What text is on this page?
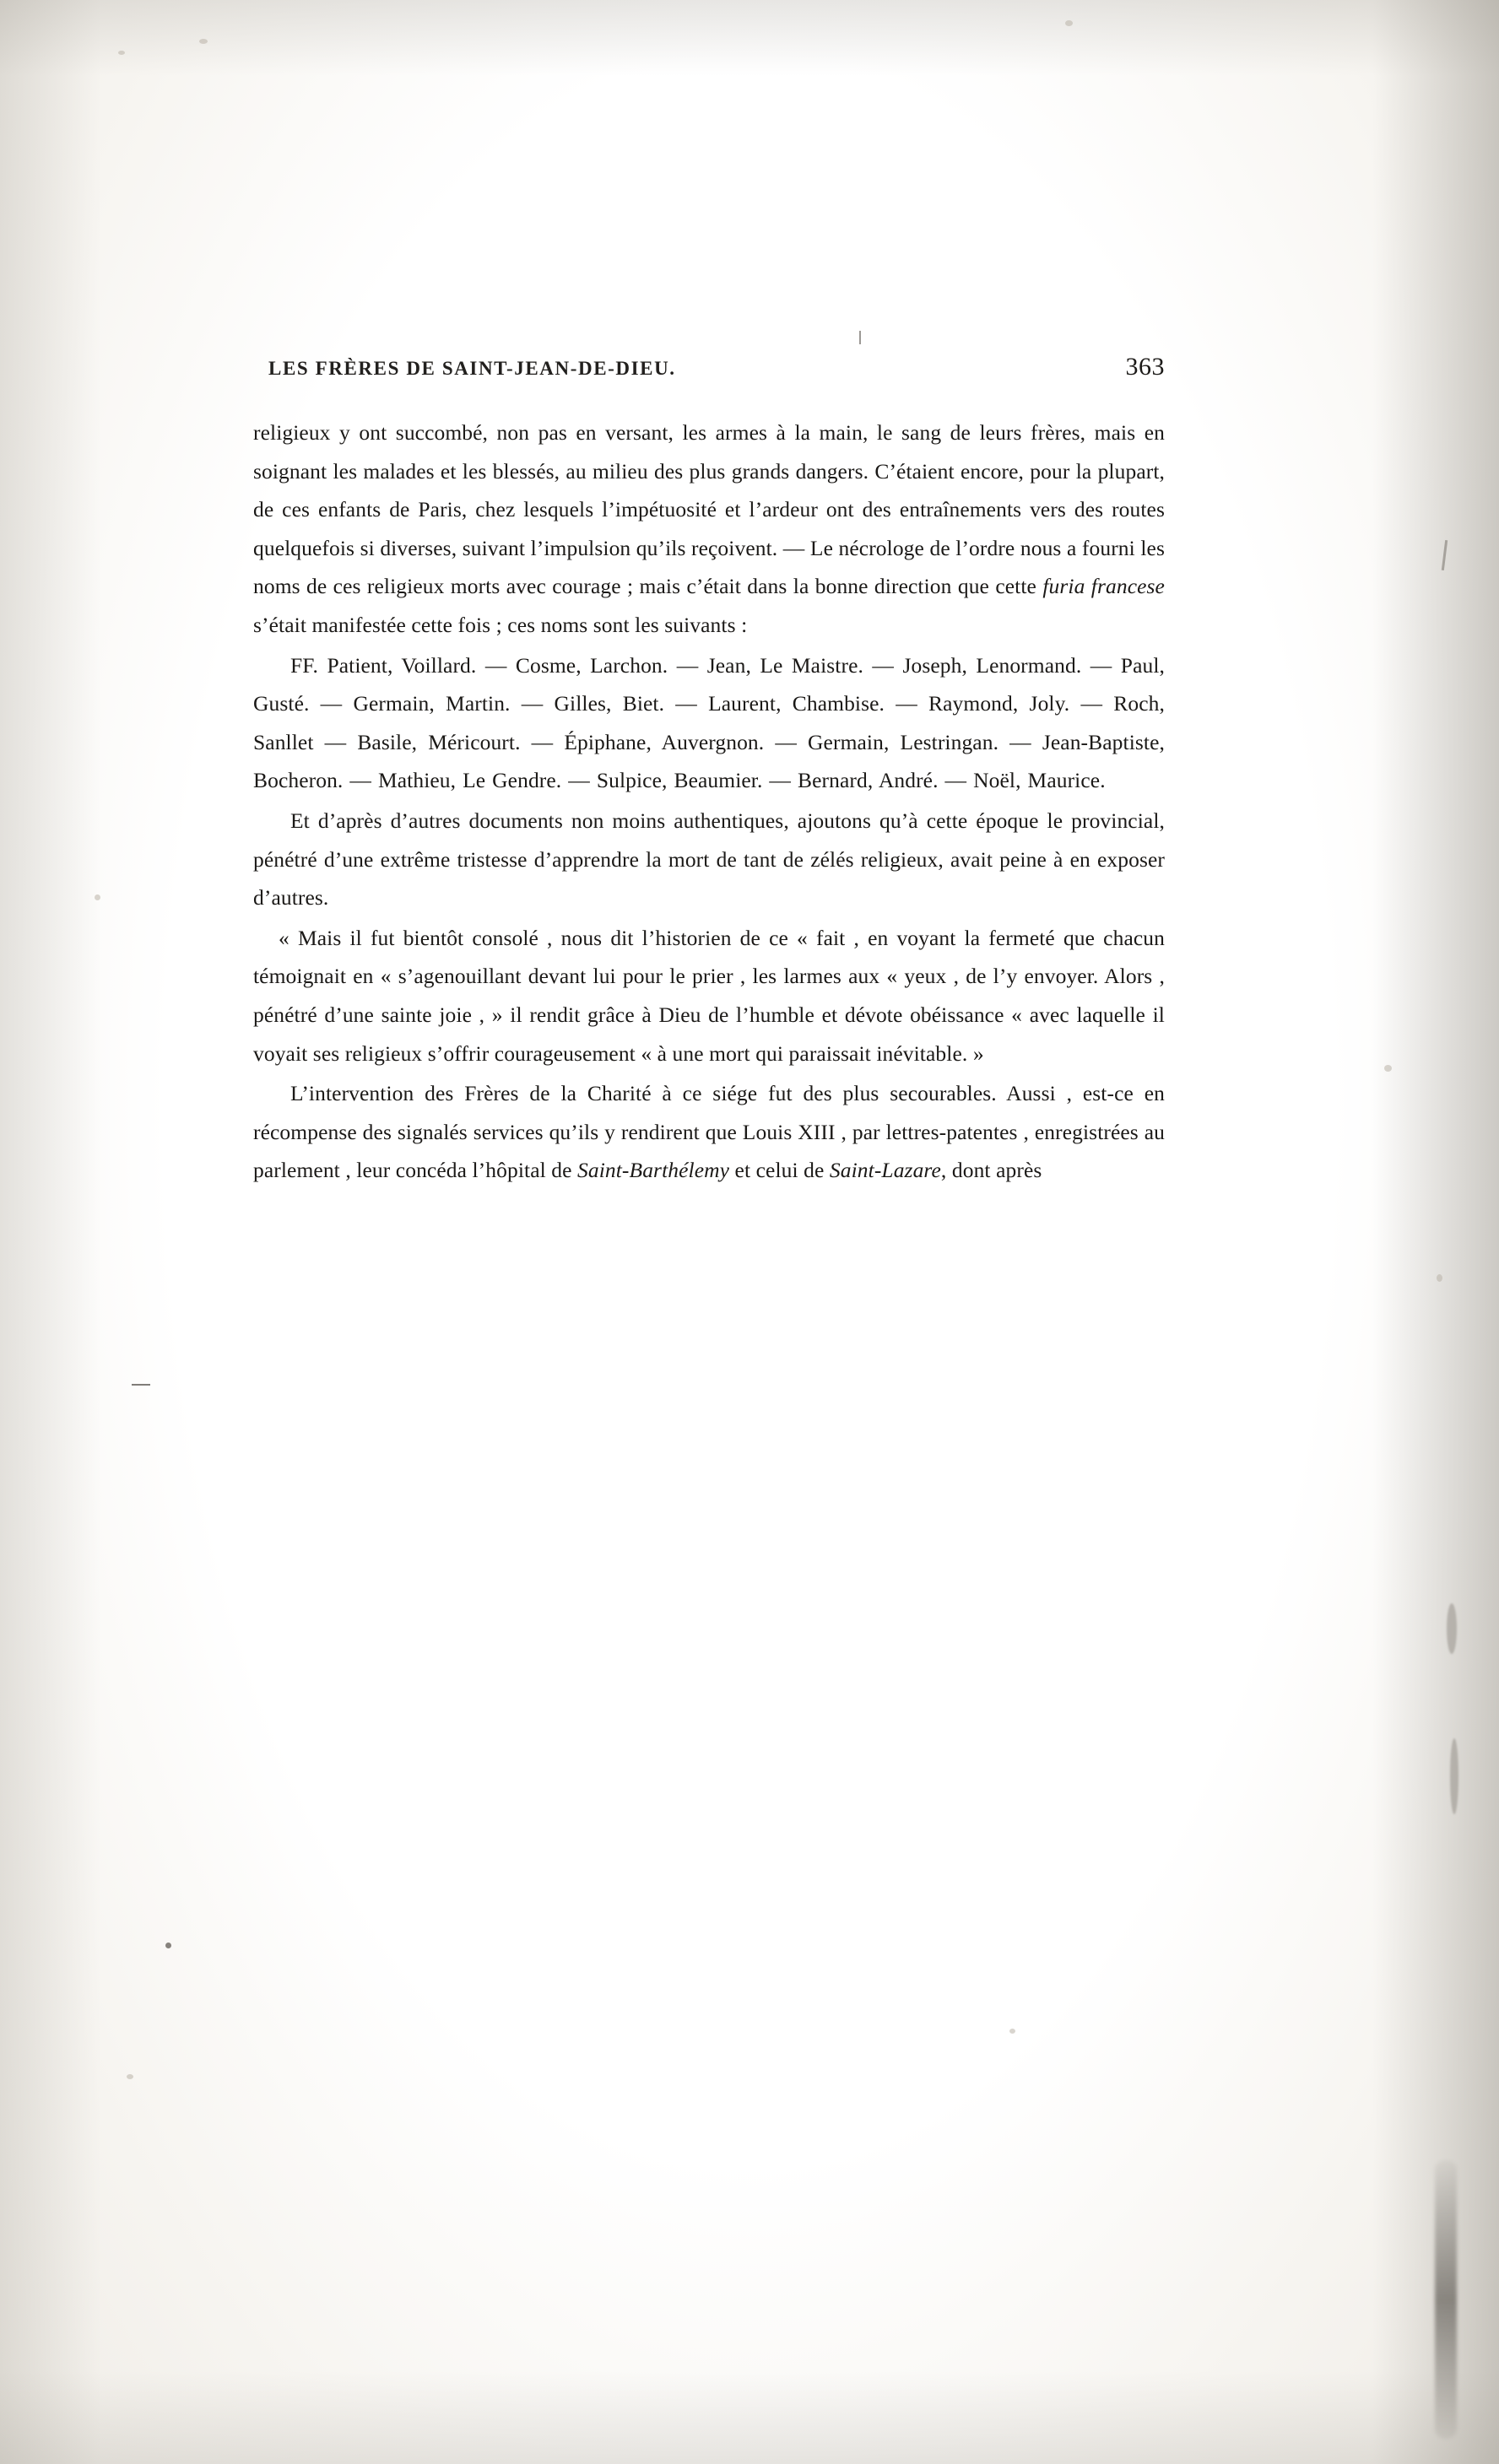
LES FRÈRES DE SAINT-JEAN-DE-DIEU.	363

religieux y ont succombé, non pas en versant, les armes à la main, le sang de leurs frères, mais en soignant les malades et les blessés, au milieu des plus grands dangers. C’étaient encore, pour la plupart, de ces enfants de Paris, chez lesquels l’impétuosité et l’ardeur ont des entraînements vers des routes quelquefois si diverses, suivant l’impulsion qu’ils reçoivent. — Le nécrologe de l’ordre nous a fourni les noms de ces religieux morts avec courage ; mais c’était dans la bonne direction que cette furia francese s’était manifestée cette fois ; ces noms sont les suivants :

FF. Patient, Voillard. — Cosme, Larchon. — Jean, Le Maistre. — Joseph, Lenormand. — Paul, Gusté. — Germain, Martin. — Gilles, Biet. — Laurent, Chambise. — Raymond, Joly. — Roch, Sanllet — Basile, Méricourt. — Épiphane, Auvergnon. — Germain, Lestringan. — Jean-Baptiste, Bocheron. — Mathieu, Le Gendre. — Sulpice, Beaumier. — Bernard, André. — Noël, Maurice.

Et d’après d’autres documents non moins authentiques, ajoutons qu’à cette époque le provincial, pénétré d’une extrême tristesse d’apprendre la mort de tant de zélés religieux, avait peine à en exposer d’autres.

« Mais il fut bientôt consolé , nous dit l’historien de ce « fait , en voyant la fermeté que chacun témoignait en « s’agenouillant devant lui pour le prier , les larmes aux « yeux , de l’y envoyer. Alors , pénétré d’une sainte joie , » il rendit grâce à Dieu de l’humble et dévote obéissance « avec laquelle il voyait ses religieux s’offrir courageusement « à une mort qui paraissait inévitable. »

L’intervention des Frères de la Charité à ce siége fut des plus secourables. Aussi , est-ce en récompense des signalés services qu’ils y rendirent que Louis XIII , par lettres-patentes , enregistrées au parlement , leur concéda l’hôpital de Saint-Barthélemy et celui de Saint-Lazare, dont après
